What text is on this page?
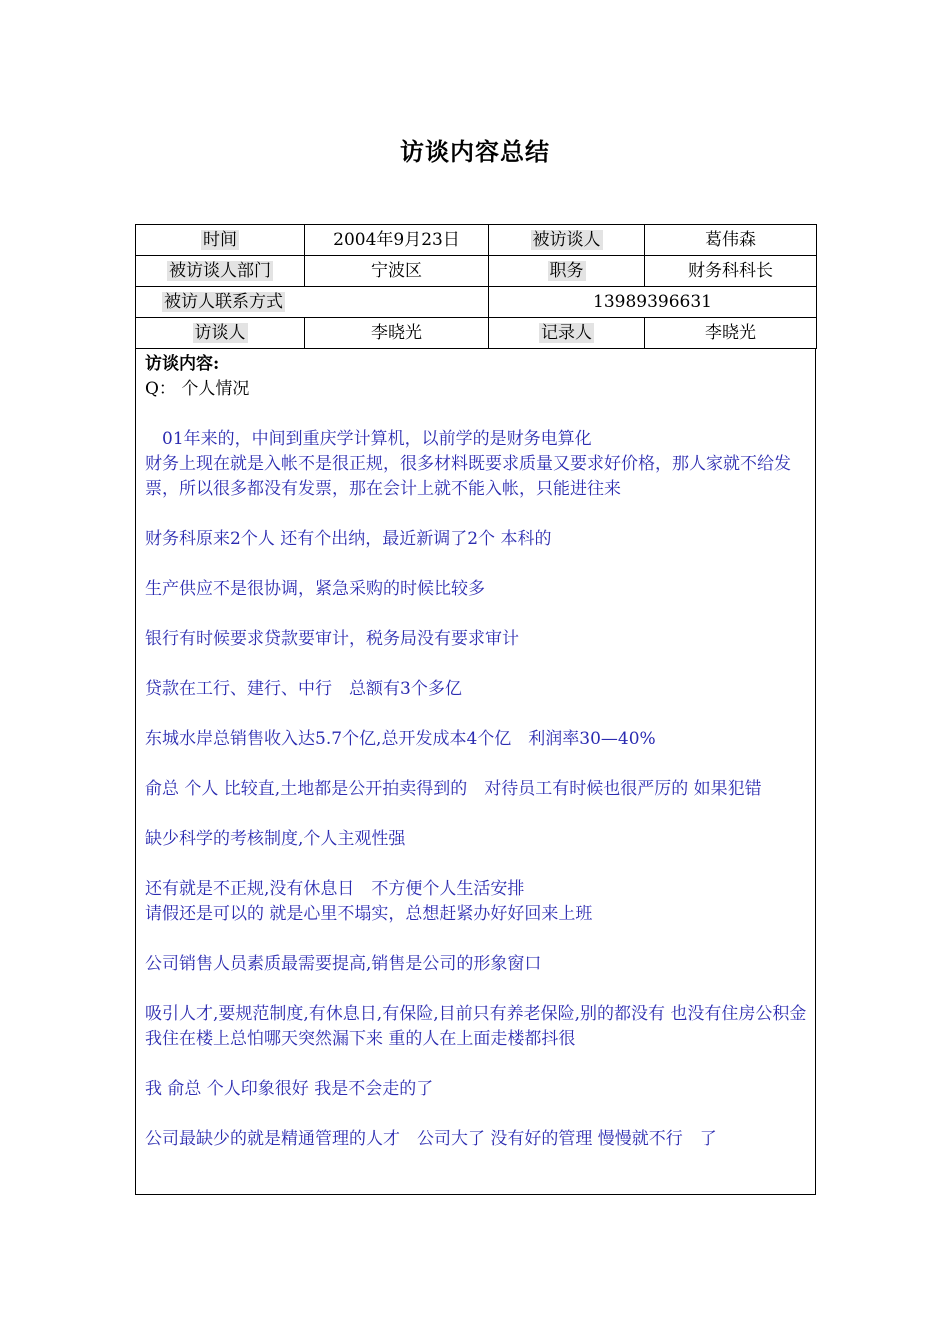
访谈内容总结
时间	2004年9月23日	被访谈人	葛伟森
被访谈人部门	宁波区	职务	财务科科长
被访人联系方式		13989396631	
访谈人	李晓光	记录人	李晓光
访谈内容:
Q： 个人情况

01年来的，中间到重庆学计算机，以前学的是财务电算化

财务上现在就是入帐不是很正规，很多材料既要求质量又要求好价格，那人家就不给发票，所以很多都没有发票，那在会计上就不能入帐，只能进往来

财务科原来2个人 还有个出纳，最近新调了2个 本科的

生产供应不是很协调，紧急采购的时候比较多

银行有时候要求贷款要审计，税务局没有要求审计

贷款在工行、建行、中行　总额有3个多亿

东城水岸总销售收入达5.7个亿,总开发成本4个亿　利润率30—40%

俞总 个人 比较直,土地都是公开拍卖得到的　对待员工有时候也很严厉的 如果犯错

缺少科学的考核制度,个人主观性强

还有就是不正规,没有休息日　不方便个人生活安排

请假还是可以的 就是心里不塌实，总想赶紧办好好回来上班

公司销售人员素质最需要提高,销售是公司的形象窗口

吸引人才,要规范制度,有休息日,有保险,目前只有养老保险,别的都没有 也没有住房公积金　我住在楼上总怕哪天突然漏下来 重的人在上面走楼都抖很

我 俞总 个人印象很好 我是不会走的了

公司最缺少的就是精通管理的人才　公司大了 没有好的管理 慢慢就不行　了
